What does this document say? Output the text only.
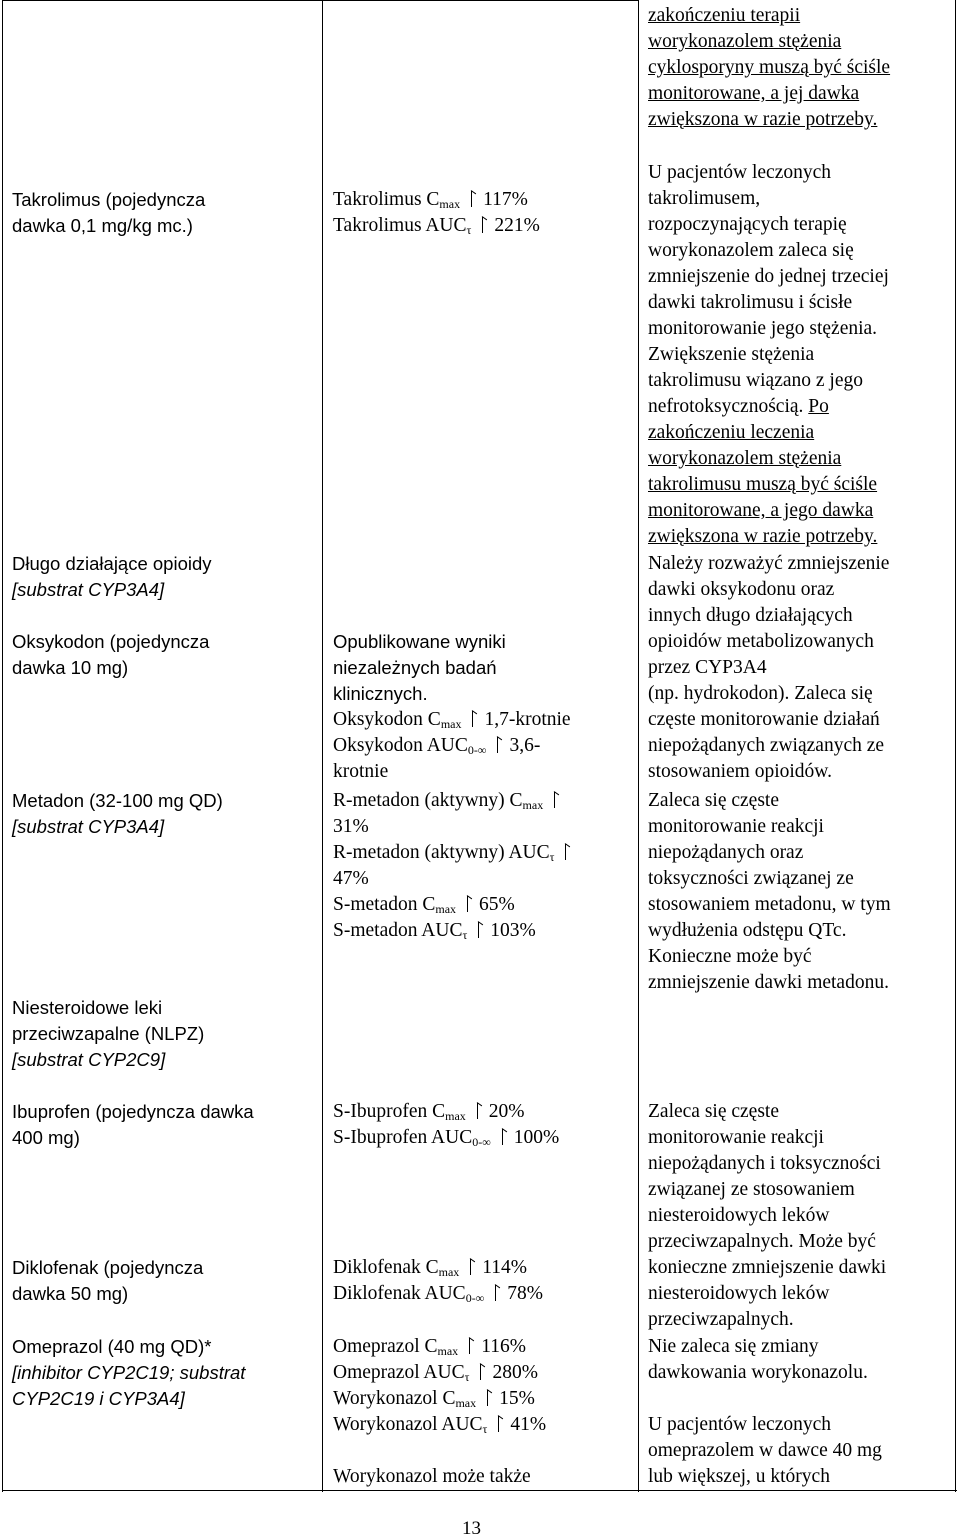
Takrolimus (pojedyncza
dawka 0,1 mg/kg mc.)
Długo działające opioidy
[substrat CYP3A4]
Oksykodon (pojedyncza
dawka 10 mg)
Metadon (32-100 mg QD)
[substrat CYP3A4]
Niesteroidowe leki
przeciwzapalne (NLPZ)
[substrat CYP2C9]
Ibuprofen (pojedyncza dawka
400 mg)
Diklofenak (pojedyncza
dawka 50 mg)
Omeprazol (40 mg QD)*
[inhibitor CYP2C19; substrat
CYP2C19 i CYP3A4]
Takrolimus $C_{max}$ 117%
Takrolimus $AUC_\tau$ 221%
Opublikowane wyniki
niezależnych badań
klinicznych.
Oksykodon $C_{max}$ 1,7-krotnie
Oksykodon $AUC_{0-\infty}$ 3,6-
krotnie
R-metadon (aktywny) $C_{max}$
31%
R-metadon (aktywny) $AUC_\tau$
47%
S-metadon $C_{max}$ 65%
S-metadon $AUC_\tau$ 103%
S-Ibuprofen $C_{max}$ 20%
S-Ibuprofen $AUC_{0-\infty}$ 100%
Diklofenak $C_{max}$ 114%
Diklofenak $AUC_{0-\infty}$ 78%
Omeprazol $C_{max}$ 116%
Omeprazol $AUC_\tau$ 280%
Worykonazol $C_{max}$ 15%
Worykonazol $AUC_\tau$ 41%
Worykonazol może także
zakończeniu terapii
worykonazolem stężenia
cyklosporyny muszą być ściśle
monitorowane, a jej dawka
zwiększona w razie potrzeby.
U pacjentów leczonych
takrolimusem,
rozpoczynających terapię
worykonazolem zaleca się
zmniejszenie do jednej trzeciej
dawki takrolimusu i ścisłe
monitorowanie jego stężenia.
Zwiększenie stężenia
takrolimusu wiązano z jego
nefrotoksycznością. Po
zakończeniu leczenia
worykonazolem stężenia
takrolimusu muszą być ściśle
monitorowane, a jego dawka
zwiększona w razie potrzeby.
Należy rozważyć zmniejszenie
dawki oksykodonu oraz
innych długo działających
opioidów metabolizowanych
przez CYP3A4
(np. hydrokodon). Zaleca się
częste monitorowanie działań
niepożądanych związanych ze
stosowaniem opioidów.
Zaleca się częste
monitorowanie reakcji
niepożądanych oraz
toksyczności związanej ze
stosowaniem metadonu, w tym
wydłużenia odstępu QTc.
Konieczne może być
zmniejszenie dawki metadonu.
Zaleca się częste
monitorowanie reakcji
niepożądanych i toksyczności
związanej ze stosowaniem
niesteroidowych leków
przeciwzapalnych. Może być
konieczne zmniejszenie dawki
niesteroidowych leków
przeciwzapalnych.
Nie zaleca się zmiany
dawkowania worykonazolu.
U pacjentów leczonych
omeprazolem w dawce 40 mg
lub większej, u których
13
